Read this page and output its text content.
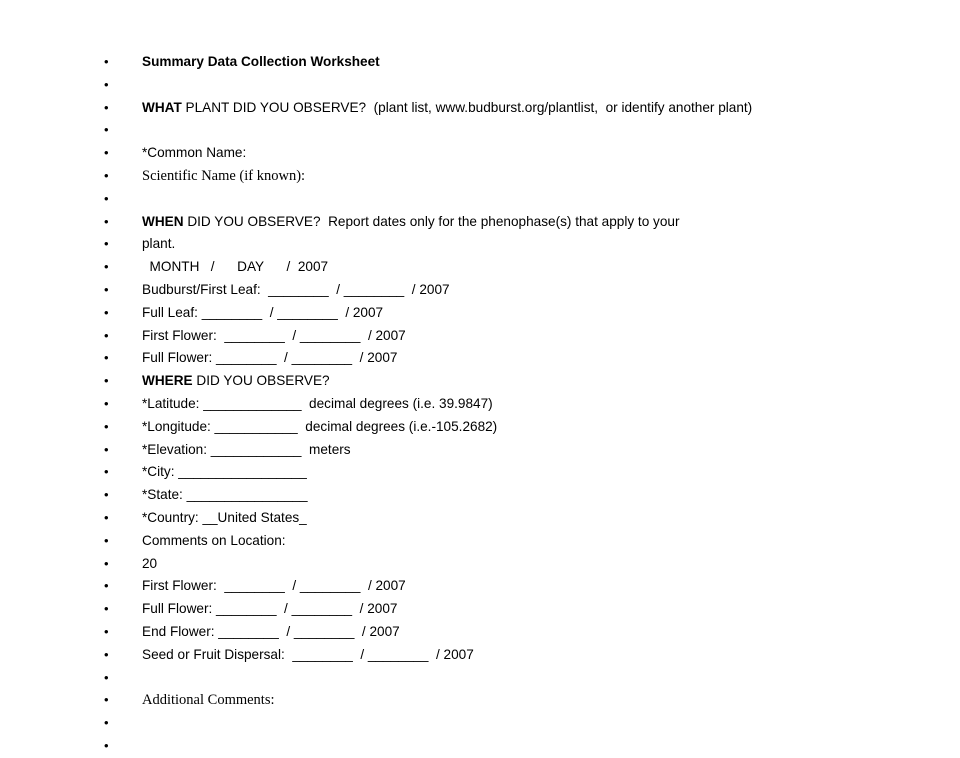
• Summary Data Collection Worksheet
•
• WHAT PLANT DID YOU OBSERVE?  (plant list, www.budburst.org/plantlist,  or identify another plant)
•
• *Common Name:
• Scientific Name (if known):
•
• WHEN DID YOU OBSERVE?  Report dates only for the phenophase(s) that apply to your
• plant.
• MONTH   /      DAY      /  2007
• Budburst/First Leaf:  ________  / ________  / 2007
• Full Leaf: ________  / ________  / 2007
• First Flower:  ________  / ________  / 2007
• Full Flower: ________  / ________  / 2007
• WHERE DID YOU OBSERVE?
• *Latitude: _____________  decimal degrees (i.e. 39.9847)
• *Longitude: ___________  decimal degrees (i.e.-105.2682)
• *Elevation: ____________  meters
• *City: _________________
• *State: ________________
• *Country: __United States_
• Comments on Location:
• 20
• First Flower:  ________  / ________  / 2007
• Full Flower: ________  / ________  / 2007
• End Flower: ________  / ________  / 2007
• Seed or Fruit Dispersal:  ________  / ________  / 2007
•
• Additional Comments:
•
•
